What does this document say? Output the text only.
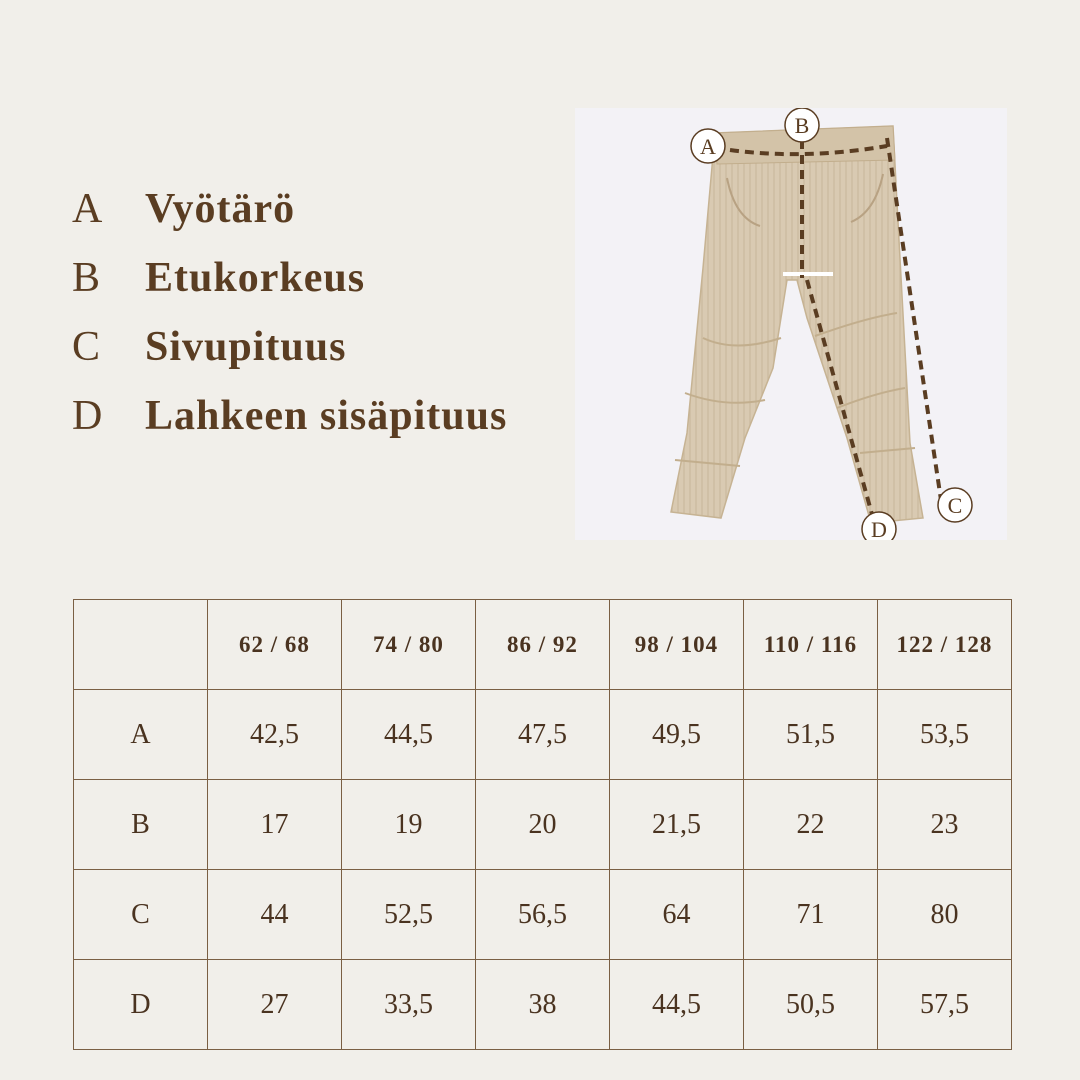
A Vyötärö
B	Etukorkeus
C	Sivupituus
D Lahkeen sisäpituus
A
B
C
D
	62 / 68	74 / 80	86 / 92	98 / 104	110 / 116	122 / 128
A	42,5	44,5	47,5	49,5	51,5	53,5
B	17	19	20	21,5	22	23
C	44	52,5	56,5	64	71	80
D	27	33,5	38	44,5	50,5	57,5
